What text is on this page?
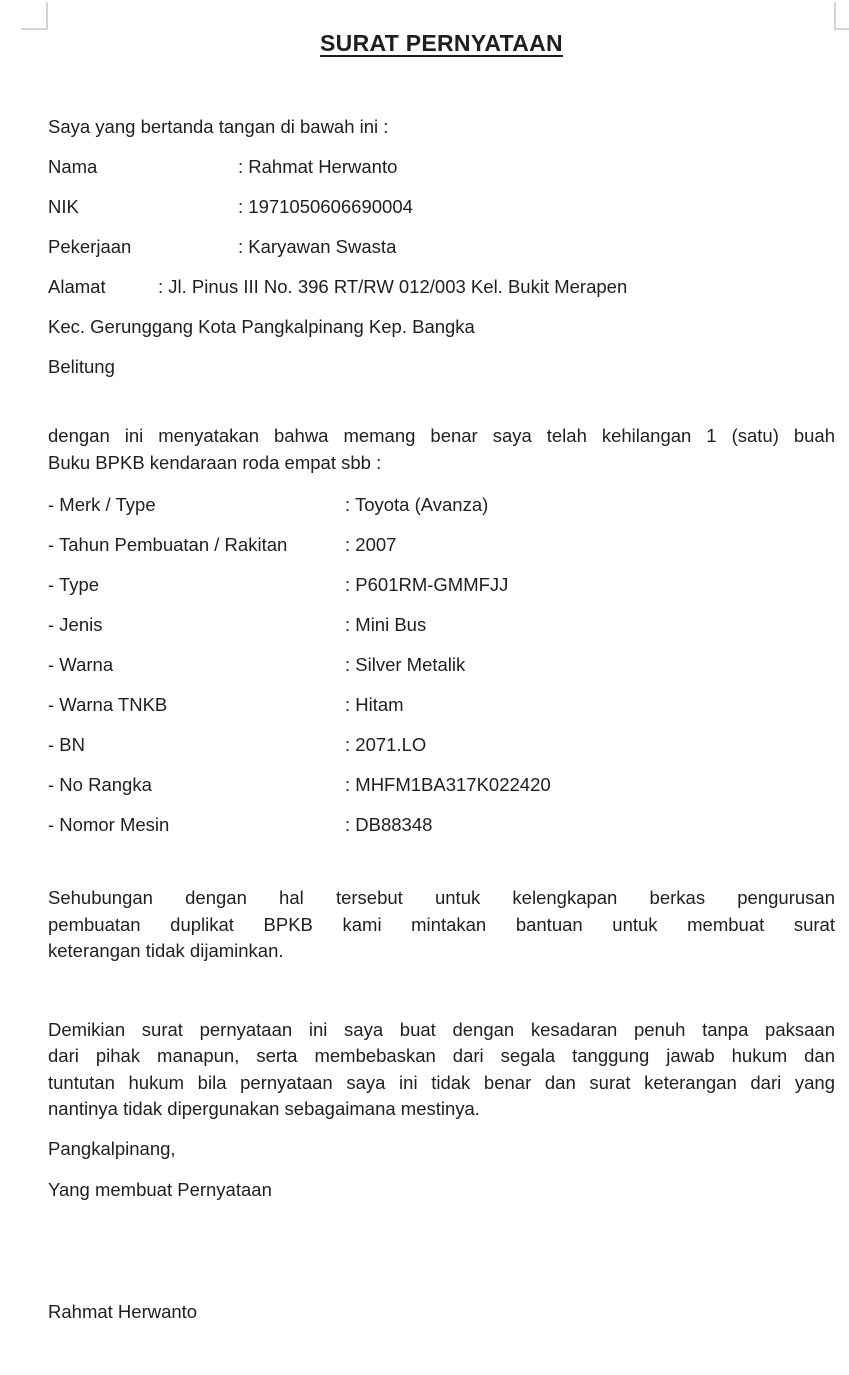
SURAT PERNYATAAN

Saya yang bertanda tangan di bawah ini :

Nama	: Rahmat Herwanto
NIK	: 1971050606690004
Pekerjaan	: Karyawan Swasta
Alamat	: Jl. Pinus III No. 396 RT/RW 012/003 Kel. Bukit Merapen
Kec. Gerunggang Kota Pangkalpinang Kep. Bangka
Belitung
dengan ini menyatakan bahwa memang benar saya telah kehilangan 1 (satu) buah
Buku BPKB kendaraan roda empat sbb :
- Merk / Type	: Toyota (Avanza)
- Tahun Pembuatan / Rakitan	: 2007
- Type	: P601RM-GMMFJJ
- Jenis	: Mini Bus
- Warna	: Silver Metalik
- Warna TNKB	: Hitam
- BN	: 2071.LO
- No Rangka	: MHFM1BA317K022420
- Nomor Mesin	: DB88348
Sehubungan dengan hal tersebut untuk kelengkapan berkas pengurusan
pembuatan duplikat BPKB kami mintakan bantuan untuk membuat surat
keterangan tidak dijaminkan.
Demikian surat pernyataan ini saya buat dengan kesadaran penuh tanpa paksaan
dari pihak manapun, serta membebaskan dari segala tanggung jawab hukum dan
tuntutan hukum bila pernyataan saya ini tidak benar dan surat keterangan dari yang
nantinya tidak dipergunakan sebagaimana mestinya.

Pangkalpinang,

Yang membuat Pernyataan

Rahmat Herwanto
